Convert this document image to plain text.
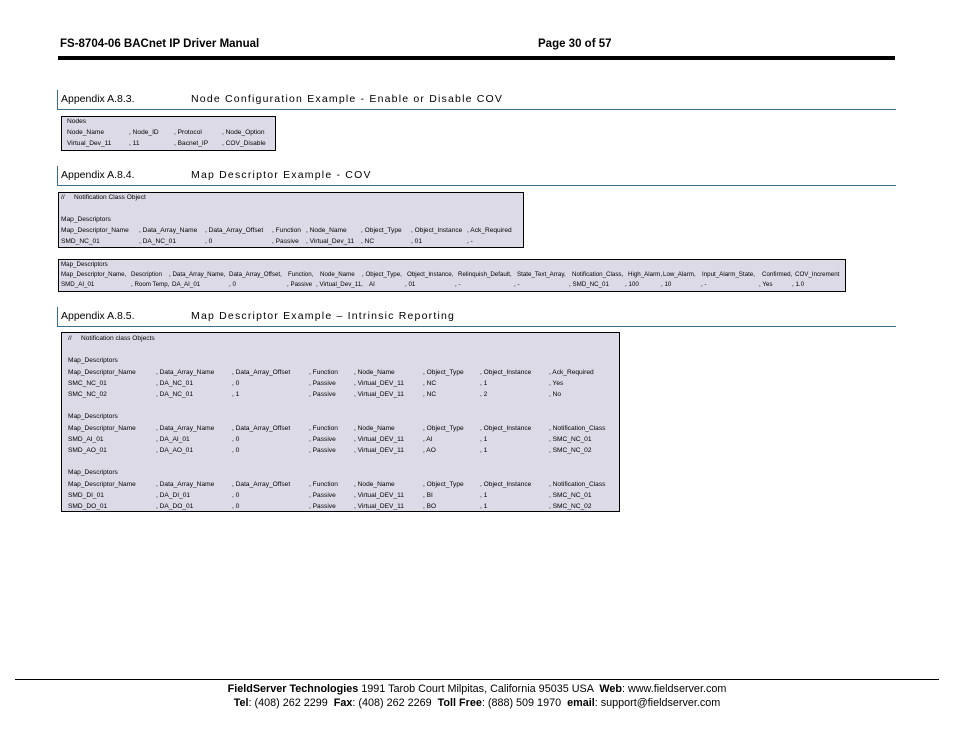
FS-8704-06 BACnet IP Driver Manual	Page 30 of 57
Appendix A.8.3.	Node Configuration Example - Enable or Disable COV
Nodes
Node_Name	, Node_ID , Protocol	, Node_Option
Virtual_Dev_11	, 11	, Bacnet_IP , COV_Disable
Appendix A.8.4.	Map Descriptor Example - COV
// Notification Class Object
Map_Descriptors
Map_Descriptor_Name , Data_Array_Name , Data_Array_Offset , Function , Node_Name , Object_Type , Object_Instance , Ack_Required
SMD_NC_01	, DA_NC_01	, 0	, Passive , Virtual_Dev_11 , NC	, 01	, -
Map_Descriptors
Map_Descriptor_Name, Description , Data_Array_Name, Data_Array_Offset, Function, Node_Name , Object_Type, Object_Instance, Relinquish_Default, State_Text_Array, Notification_Class, High_Alarm, Low_Alarm, Input_Alarm_State, Confirmed, COV_Increment
SMD_AI_01	, Room Temp, DA_AI_01	, 0	, Passive , Virtual_Dev_11, AI	, 01	, -	, -	, SMD_NC_01	, 100	, 10	, -	, Yes	, 1.0
Appendix A.8.5.	Map Descriptor Example – Intrinsic Reporting
// Notification class Objects
Map_Descriptors
Map_Descriptor_Name	, Data_Array_Name	, Data_Array_Offset	, Function , Node_Name	, Object_Type , Object_Instance	, Ack_Required
SMC_NC_01	, DA_NC_01	, 0	, Passive	, Virtual_DEV_11	, NC	, 1	, Yes
SMC_NC_02	, DA_NC_01	, 1	, Passive	, Virtual_DEV_11	, NC	, 2	, No
Map_Descriptors
Map_Descriptor_Name	, Data_Array_Name	, Data_Array_Offset	, Function , Node_Name	, Object_Type , Object_Instance	, Notification_Class
SMD_AI_01	, DA_AI_01	, 0	, Passive	, Virtual_DEV_11	, AI	, 1	, SMC_NC_01
SMD_AO_01	, DA_AO_01	, 0	, Passive	, Virtual_DEV_11	, AO	, 1	, SMC_NC_02
Map_Descriptors
Map_Descriptor_Name	, Data_Array_Name	, Data_Array_Offset	, Function , Node_Name	, Object_Type , Object_Instance	, Notification_Class
SMD_DI_01	, DA_DI_01	, 0	, Passive	, Virtual_DEV_11	, BI	, 1	, SMC_NC_01
SMD_DO_01	, DA_DO_01	, 0	, Passive	, Virtual_DEV_11	, BO	, 1	, SMC_NC_02
FieldServer Technologies 1991 Tarob Court Milpitas, California 95035 USA Web: www.fieldserver.com
Tel: (408) 262 2299 Fax: (408) 262 2269 Toll Free: (888) 509 1970 email: support@fieldserver.com
